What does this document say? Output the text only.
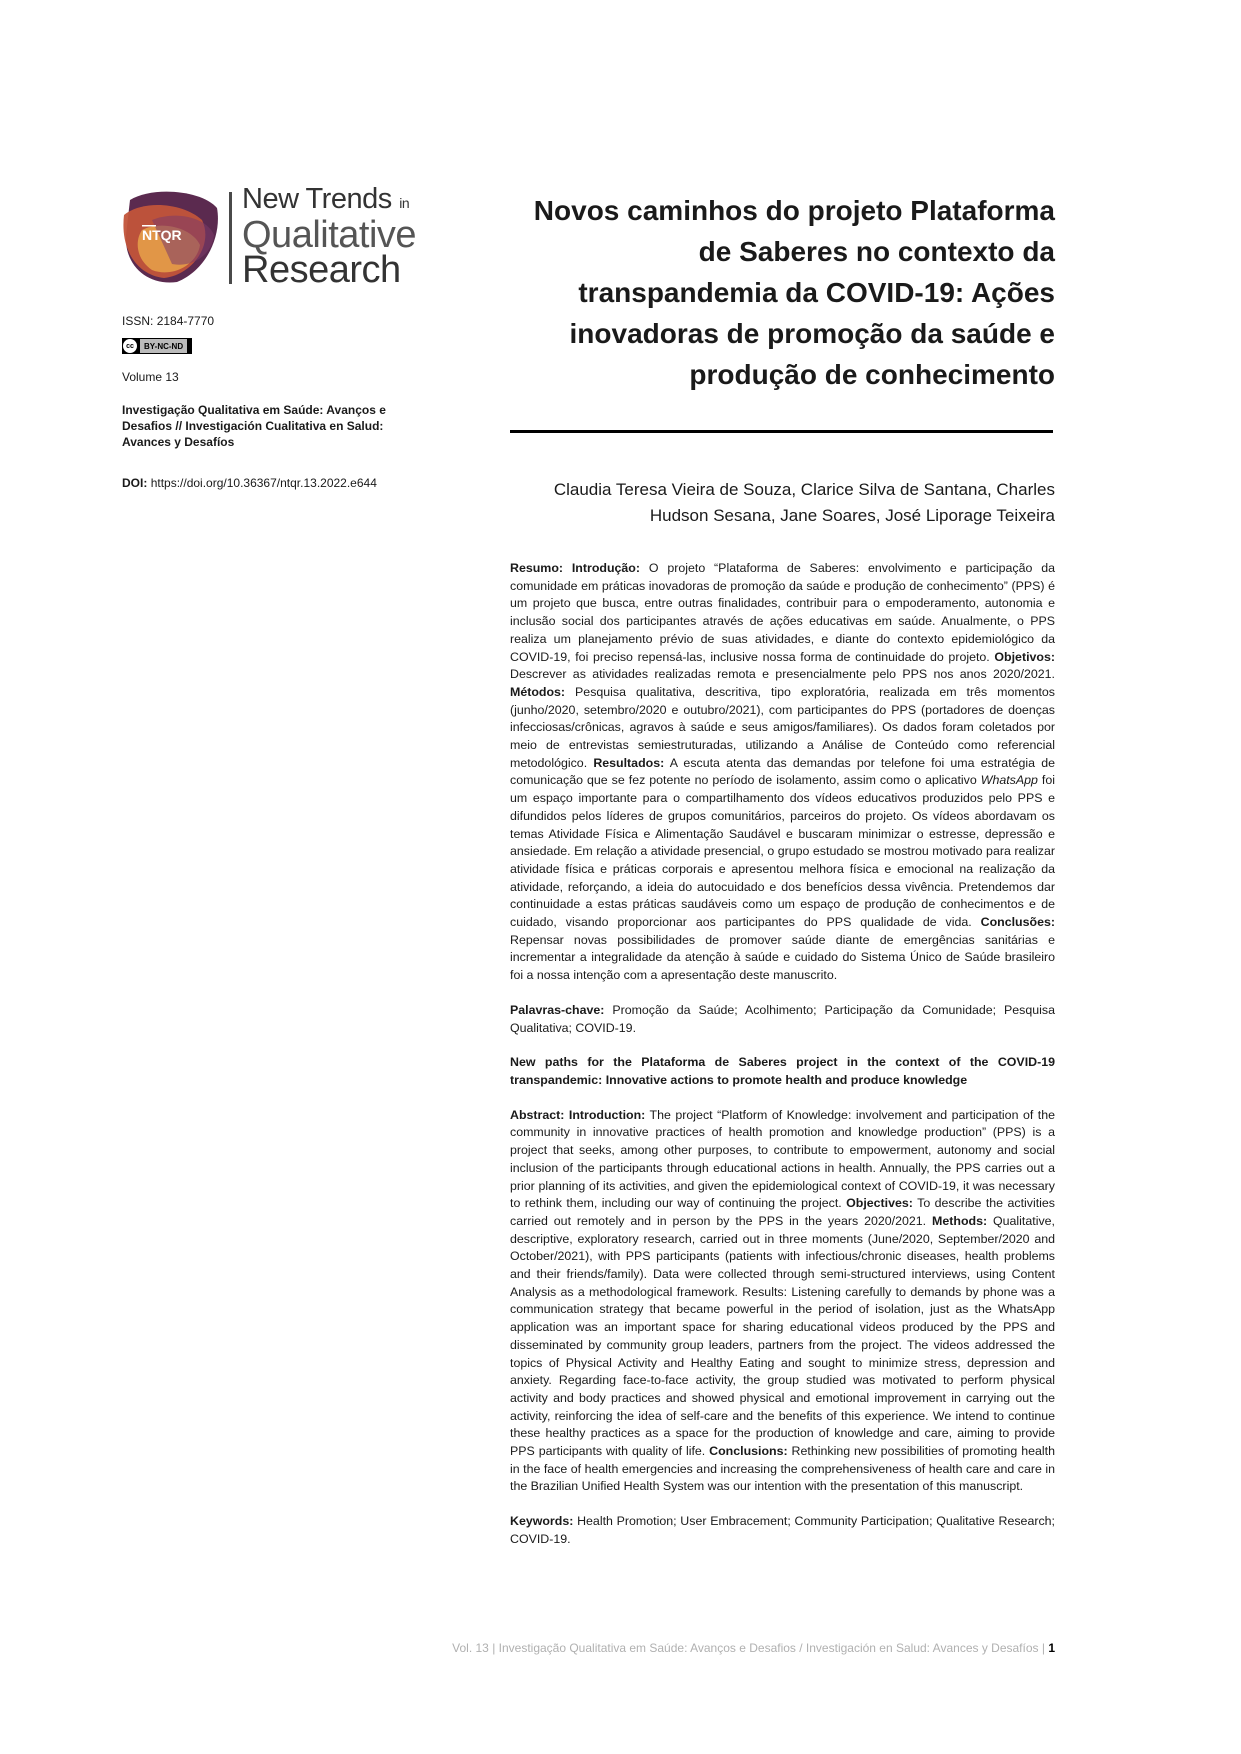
NTQR
New Trends in
Qualitative
Research
ISSN: 2184-7770
cc	BY-NC-ND
Volume 13
Investigação Qualitativa em Saúde: Avanços e Desafios // Investigación Cualitativa en Salud: Avances y Desafíos
DOI: https://doi.org/10.36367/ntqr.13.2022.e644
Novos caminhos do projeto Plataforma de Saberes no contexto da transpandemia da COVID-19: Ações inovadoras de promoção da saúde e produção de conhecimento
Claudia Teresa Vieira de Souza, Clarice Silva de Santana, Charles Hudson Sesana, Jane Soares, José Liporage Teixeira

Resumo: Introdução: O projeto “Plataforma de Saberes: envolvimento e participação da comunidade em práticas inovadoras de promoção da saúde e produção de conhecimento” (PPS) é um projeto que busca, entre outras finalidades, contribuir para o empoderamento, autonomia e inclusão social dos participantes através de ações educativas em saúde. Anualmente, o PPS realiza um planejamento prévio de suas atividades, e diante do contexto epidemiológico da COVID-19, foi preciso repensá-las, inclusive nossa forma de continuidade do projeto. Objetivos: Descrever as atividades realizadas remota e presencialmente pelo PPS nos anos 2020/2021. Métodos: Pesquisa qualitativa, descritiva, tipo exploratória, realizada em três momentos (junho/2020, setembro/2020 e outubro/2021), com participantes do PPS (portadores de doenças infecciosas/crônicas, agravos à saúde e seus amigos/familiares). Os dados foram coletados por meio de entrevistas semiestruturadas, utilizando a Análise de Conteúdo como referencial metodológico. Resultados: A escuta atenta das demandas por telefone foi uma estratégia de comunicação que se fez potente no período de isolamento, assim como o aplicativo WhatsApp foi um espaço importante para o compartilhamento dos vídeos educativos produzidos pelo PPS e difundidos pelos líderes de grupos comunitários, parceiros do projeto. Os vídeos abordavam os temas Atividade Física e Alimentação Saudável e buscaram minimizar o estresse, depressão e ansiedade. Em relação a atividade presencial, o grupo estudado se mostrou motivado para realizar atividade física e práticas corporais e apresentou melhora física e emocional na realização da atividade, reforçando, a ideia do autocuidado e dos benefícios dessa vivência. Pretendemos dar continuidade a estas práticas saudáveis como um espaço de produção de conhecimentos e de cuidado, visando proporcionar aos participantes do PPS qualidade de vida. Conclusões: Repensar novas possibilidades de promover saúde diante de emergências sanitárias e incrementar a integralidade da atenção à saúde e cuidado do Sistema Único de Saúde brasileiro foi a nossa intenção com a apresentação deste manuscrito.

Palavras-chave: Promoção da Saúde; Acolhimento; Participação da Comunidade; Pesquisa Qualitativa; COVID-19.

New paths for the Plataforma de Saberes project in the context of the COVID-19 transpandemic: Innovative actions to promote health and produce knowledge

Abstract: Introduction: The project “Platform of Knowledge: involvement and participation of the community in innovative practices of health promotion and knowledge production” (PPS) is a project that seeks, among other purposes, to contribute to empowerment, autonomy and social inclusion of the participants through educational actions in health. Annually, the PPS carries out a prior planning of its activities, and given the epidemiological context of COVID-19, it was necessary to rethink them, including our way of continuing the project. Objectives: To describe the activities carried out remotely and in person by the PPS in the years 2020/2021. Methods: Qualitative, descriptive, exploratory research, carried out in three moments (June/2020, September/2020 and October/2021), with PPS participants (patients with infectious/chronic diseases, health problems and their friends/family). Data were collected through semi-structured interviews, using Content Analysis as a methodological framework. Results: Listening carefully to demands by phone was a communication strategy that became powerful in the period of isolation, just as the WhatsApp application was an important space for sharing educational videos produced by the PPS and disseminated by community group leaders, partners from the project. The videos addressed the topics of Physical Activity and Healthy Eating and sought to minimize stress, depression and anxiety. Regarding face-to-face activity, the group studied was motivated to perform physical activity and body practices and showed physical and emotional improvement in carrying out the activity, reinforcing the idea of self-care and the benefits of this experience. We intend to continue these healthy practices as a space for the production of knowledge and care, aiming to provide PPS participants with quality of life. Conclusions: Rethinking new possibilities of promoting health in the face of health emergencies and increasing the comprehensiveness of health care and care in the Brazilian Unified Health System was our intention with the presentation of this manuscript.

Keywords: Health Promotion; User Embracement; Community Participation; Qualitative Research; COVID-19.

Vol. 13 | Investigação Qualitativa em Saúde: Avanços e Desafios / Investigación en Salud: Avances y Desafíos | 1
